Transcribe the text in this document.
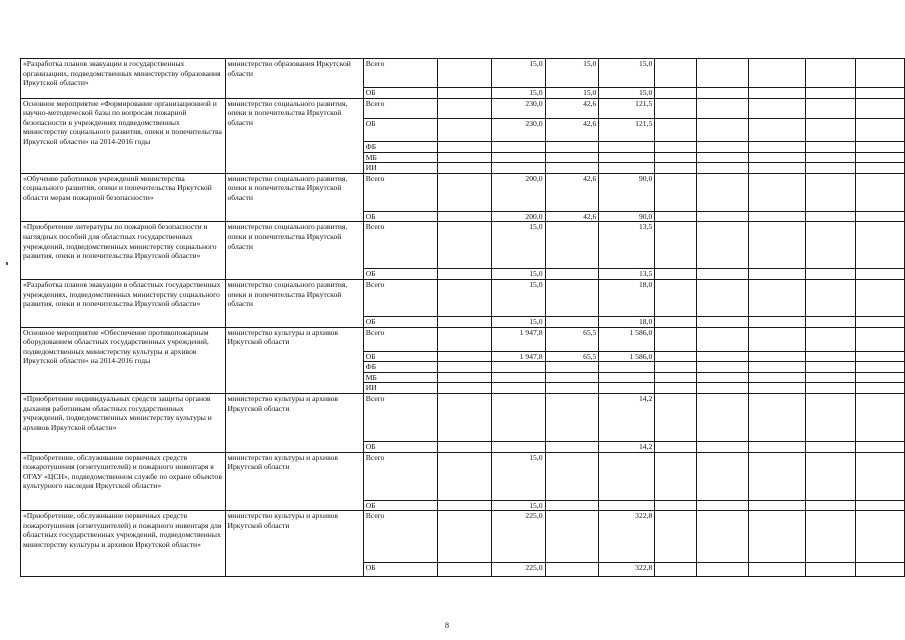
«Разработка планов эвакуации в государственных организациях, подведомственных министерству образования Иркутской области»	министерство образования Иркутской области	Всего		15,0	15,0	15,0					
		ОБ		15,0	15,0	15,0					
Основное мероприятие «Формирование организационной и научно-методической базы по вопросам пожарной безопасности в учреждениях подведомственных министерству социального развития, опеки и попечительства Иркутской области» на 2014-2016 годы	министерство социального развития, опеки и попечительства Иркутской области	Всего		230,0	42,6	121,5					
		ОБ		230,0	42,6	121,5					
		ФБ									
		МБ									
		ИИ									
«Обучение работников учреждений министерства социального развития, опеки и попечительства Иркутской области мерам пожарной безопасности»	министерство социального развития, опеки и попечительства Иркутской области	Всего		200,0	42,6	90,0					
		ОБ		200,0	42,6	90,0					
«Приобретение литературы по пожарной безопасности и наглядных пособий для областных государственных учреждений, подведомственных министерству социального развития, опеки и попечительства Иркутской области»	министерство социального развития, опеки и попечительства Иркутской области	Всего		15,0		13,5					
		ОБ		15,0		13,5					
«Разработка планов эвакуации в областных государственных учреждениях, подведомственных министерству социального развития, опеки и попечительства Иркутской области»	министерство социального развития, опеки и попечительства Иркутской области	Всего		15,0		18,0					
		ОБ		15,0		18,0					
Основное мероприятие «Обеспечение противопожарным оборудованием областных государственных учреждений, подведомственных министерству культуры и архивов Иркутской области» на 2014-2016 годы	министерство культуры и архивов Иркутской области	Всего		1 947,8	65,5	1 586,0					
		ОБ		1 947,8	65,5	1 586,0					
		ФБ									
		МБ									
		ИИ									
«Приобретение индивидуальных средств защиты органов дыхания работникам областных государственных учреждений, подведомственных министерству культуры и архивов Иркутской области»	министерство культуры и архивов Иркутской области	Всего				14,2					
		ОБ				14,2					
«Приобретение, обслуживание первичных средств пожаротушения (огнетушителей) и пожарного инвентаря в ОГАУ «ЦСН», подведомственном службе по охране объектов культурного наследия Иркутской области»	министерство культуры и архивов Иркутской области	Всего		15,0							
		ОБ		15,0							
«Приобретение, обслуживание первичных средств пожаротушения (огнетушителей) и пожарного инвентаря для областных государственных учреждений, подведомственных министерству культуры и архивов Иркутской области»	министерство культуры и архивов Иркутской области	Всего		225,0		322,8					
		ОБ		225,0		322,8					
8
